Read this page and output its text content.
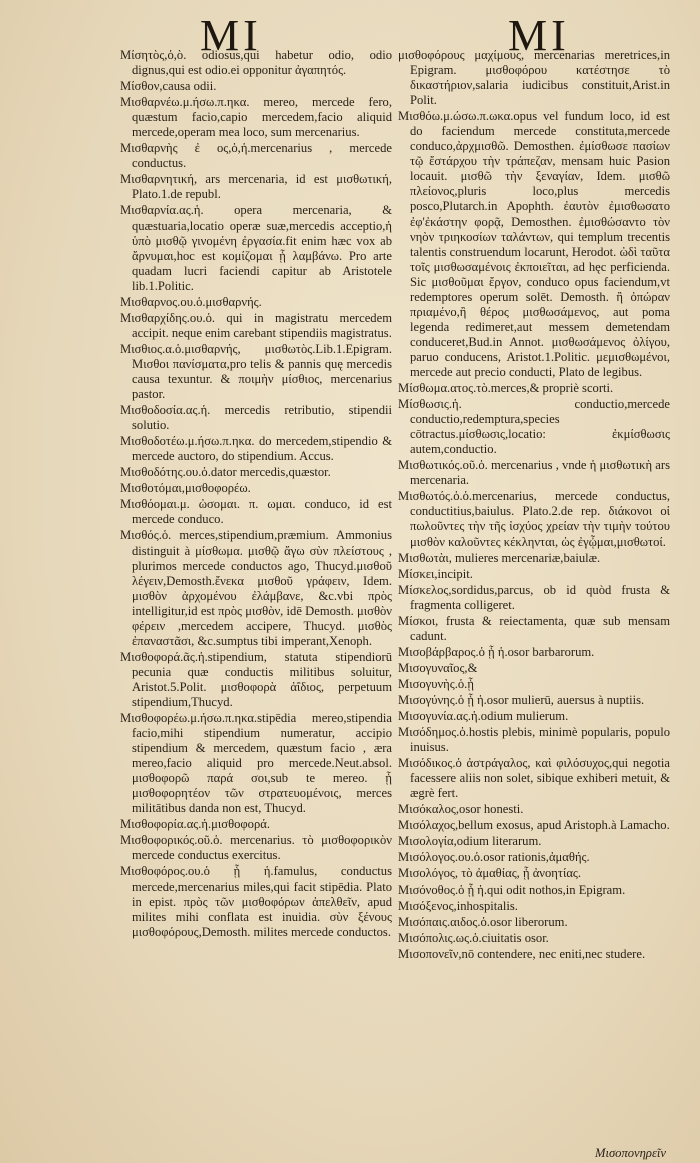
MI	MI

Μίσητὸς,ὁ,ὸ. odiosus,qui habetur odio, odio dignus,qui est odio.ei opponitur ἀγαπητός.

Μίσθον,causa odii.

Μισθαρνέω.μ.ήσω.π.ηκα. mereo, mercede fero, quæstum facio,capio mercedem,facio aliquid mercede,operam mea loco, sum mercenarius.

Μισθαρνὴς ἐ ος,ὁ,ἡ.mercenarius , mercede conductus.

Μισθαρνητική, ars mercenaria, id est μισθωτική, Plato.1.de republ.

Μισθαρνία.ας.ἡ. opera mercenaria, & quæstuaria,locatio operæ suæ,mercedis acceptio,ἡ ὑπὸ μισθῷ γινομένη ἐργασία.fit enim hæc vox ab ἄρνυμαι,hoc est κομίζομαι ᾗ λαμβάνω. Pro arte quadam lucri faciendi capitur ab Aristotele lib.1.Politic.

Μισθαρνος.ου.ὁ.μισθαρνής.

Μισθαρχίδης.ου.ὁ. qui in magistratu mercedem accipit. neque enim carebant stipendiis magistratus.

Μισθιος.α.ὁ.μισθαρνής, μισθωτὸς.Lib.1.Epigram. Μισθοι πανίσματα,pro telis & pannis quę mercedis causa texuntur. & ποιμὴν μίσθιος, mercenarius pastor.

Μισθοδοσία.ας.ἡ. mercedis retributio, stipendii solutio.

Μισθοδοτέω.μ.ήσω.π.ηκα. do mercedem,stipendio & mercede auctoro, do stipendium. Accus.

Μισθοδότης.ου.ὁ.dator mercedis,quæstor.

Μισθοτόμαι,μισθοφορέω.

Μισθόομαι.μ. ὠσομαι. π. ωμαι. conduco, id est mercede conduco.

Μισθός.ὁ. merces,stipendium,præmium. Ammonius distinguit à μίσθωμα. μισθῷ ἄγω σὺν πλείστους , plurimos mercede conductos ago, Thucyd.μισθοῦ λέγειν,Demosth.ἔνεκα μισθοῦ γράφειν, Idem. μισθὸν ἀρχομένου ἐλάμβανε, &c.vbi πρὸς intelligitur,id est πρὸς μισθὸν, idē Demosth. μισθὸν φέρειν ,mercedem accipere, Thucyd. μισθὸς ἐπαναστᾶσι, &c.sumptus tibi imperant,Xenoph.

Μισθοφορά.ᾶς.ἡ.stipendium, statuta stipendiorū pecunia quæ conductis militibus soluitur, Aristot.5.Polit. μισθοφορὰ ἀΐδιος, perpetuum stipendium,Thucyd.

Μισθοφορέω.μ.ήσω.π.ηκα.stipēdia mereo,stipendia facio,mihi stipendium numeratur, accipio stipendium & mercedem, quæstum facio , æra mereo,facio aliquid pro mercede.Neut.absol. μισθοφορῶ παρά σοι,sub te mereo. ᾗ μισθοφορητέον τῶν στρατευομένοις, merces militātibus danda non est, Thucyd.

Μισθοφορία.ας.ἡ.μισθοφορά.

Μισθοφορικός.οῦ.ὁ. mercenarius. τὸ μισθοφορικὸν mercede conductus exercitus.

Μισθοφόρος.ου.ὁ ᾗ ἡ.famulus, conductus mercede,mercenarius miles,qui facit stipēdia. Plato in epist. πρὸς τῶν μισθοφόρων ἀπελθεῖν, apud milites mihi conflata est inuidia. σὺν ξένους μισθοφόρους,Demosth. milites mercede conductos.

μισθοφόρους μαχίμους, mercenarias meretrices,in Epigram. μισθοφόρου κατέστησε τὸ δικαστήριον,salaria iudicibus constituit,Arist.in Polit.

Μισθόω.μ.ώσω.π.ωκα.opus vel fundum loco, id est do faciendum mercede constituta,mercede conduco,ἀρχμισθῶ. Demosthen. ἐμίσθωσε πασίων τῷ ἔστάρχου τὴν τράπεζαν, mensam huic Pasion locauit. μισθῶ τὴν ξεναγίαν, Idem. μισθῶ πλείονος,pluris loco,plus mercedis posco,Plutarch.in Apophth. ἐαυτὸν ἐμισθωσατο ἐφ'ἐκάστην φορᾷ, Demosthen. ἐμισθώσαντο τὸν νηὸν τριηκοσίων ταλάντων, qui templum trecentis talentis construendum locarunt, Herodot. ὠδὶ ταῦτα τοῖς μισθωσαμένοις ἐκποιεῖται, ad hęc perficienda. Sic μισθοῦμαι ἔργον, conduco opus faciendum,vt redemptores operum solēt. Demosth. ἢ ὀπώραν πριαμένο,ἢ θέρος μισθωσάμενος, aut poma legenda redimeret,aut messem demetendam conduceret,Bud.in Annot. μισθωσάμενος ὀλίγου, paruo conducens, Aristot.1.Politic. μεμισθωμένοι, mercede aut precio conducti, Plato de legibus.

Μίσθωμα.ατος.τὸ.merces,& propriè scorti.

Μίσθωσις.ἡ. conductio,mercede conductio,redemptura,species cōtractus.μίσθωσις,locatio: ἐκμίσθωσις autem,conductio.

Μισθωτικός.οῦ.ὁ. mercenarius , vnde ἡ μισθωτικὴ ars mercenaria.

Μισθωτός.ὁ.ὁ.mercenarius, mercede conductus, conductitius,baiulus. Plato.2.de rep. διάκονοι οἱ πωλοῦντες τὴν τῆς ἰσχύος χρείαν τὴν τιμὴν τούτου μισθὸν καλοῦντες κέκληνται, ὡς ἐγᾦμαι,μισθωτοί.

Μισθωτὰι, mulieres mercenariæ,baiulæ.

Μίσκει,incipit.

Μίσκελος,sordidus,parcus, ob id quòd frusta & fragmenta colligeret.

Μίσκοι, frusta & reiectamenta, quæ sub mensam cadunt.

Μισοβάρβαρος.ὁ ᾗ ἡ.osor barbarorum.

Μισογυναῖος,&

Μισογυνὴς.ὁ.ᾗ

Μισογύνης.ὁ ᾗ ἡ.osor mulierū, auersus à nuptiis.

Μισογυνία.ας.ἡ.odium mulierum.

Μισόδημος.ὁ.hostis plebis, minimè popularis, populo inuisus.

Μισόδικος.ὁ ἀστράγαλος, καὶ φιλόσυχος,qui negotia facessere aliis non solet, sibique exhiberi metuit, & ægrè fert.

Μισόκαλος,osor honesti.

Μισόλαχος,bellum exosus, apud Aristoph.à Lamacho.

Μισολογία,odium literarum.

Μισόλογος.ου.ὁ.osor rationis,ἀμαθής.

Μισολόγος, τὸ ἀμαθίας, ᾗ ἀνοητίας.

Μισόνοθος.ὁ ᾗ ἡ.qui odit nothos,in Epigram.

Μισόξενος,inhospitalis.

Μισόπαις.αιδος.ὁ.osor liberorum.

Μισόπολις.ως.ὁ.ciuitatis osor.

Μισοπονεῖν,nō contendere, nec eniti,nec studere.

Μισοπονηρεῖν
